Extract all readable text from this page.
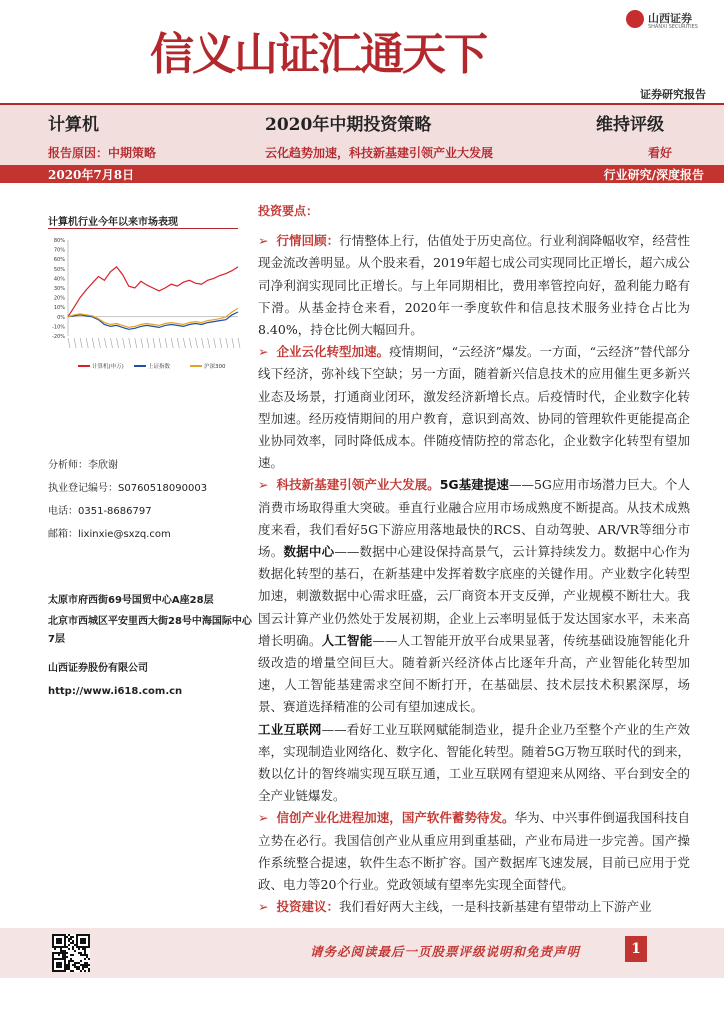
信义山证汇通天下
山西证券
SHANXI SECURITIES
证券研究报告
计算机	2020年中期投资策略	维持评级
报告原因：中期策略	云化趋势加速，科技新基建引领产业大发展	看好
2020年7月8日	行业研究/深度报告
计算机行业今年以来市场表现
80%
70%
60%
50%
40%
30%
20%
10%
0%
-10%
-20%
计算机(申万)	上证指数	沪深300
分析师：李欣谢
执业登记编号：S0760518090003
电话：0351-8686797
邮箱：lixinxie@sxzq.com
太原市府西街69号国贸中心A座28层
北京市西城区平安里西大街28号中海国际中心7层
山西证券股份有限公司
http://www.i618.com.cn
投资要点：

➢ 行情回顾：行情整体上行，估值处于历史高位。行业利润降幅收窄，经营性现金流改善明显。从个股来看，2019年超七成公司实现同比正增长，超六成公司净利润实现同比正增长。与上年同期相比，费用率管控向好，盈利能力略有下滑。从基金持仓来看，2020年一季度软件和信息技术服务业持仓占比为8.40%，持仓比例大幅回升。

➢ 企业云化转型加速。疫情期间，“云经济”爆发。一方面，“云经济”替代部分线下经济，弥补线下空缺；另一方面，随着新兴信息技术的应用催生更多新兴业态及场景，打通商业闭环，激发经济新增长点。后疫情时代，企业数字化转型加速。经历疫情期间的用户教育，意识到高效、协同的管理软件更能提高企业协同效率，同时降低成本。伴随疫情防控的常态化，企业数字化转型有望加速。

➢ 科技新基建引领产业大发展。5G基建提速——5G应用市场潜力巨大。个人消费市场取得重大突破。垂直行业融合应用市场成熟度不断提高。从技术成熟度来看，我们看好5G下游应用落地最快的RCS、自动驾驶、AR/VR等细分市场。数据中心——数据中心建设保持高景气，云计算持续发力。数据中心作为数据化转型的基石，在新基建中发挥着数字底座的关键作用。产业数字化转型加速，刺激数据中心需求旺盛，云厂商资本开支反弹，产业规模不断壮大。我国云计算产业仍然处于发展初期，企业上云率明显低于发达国家水平，未来高增长明确。人工智能——人工智能开放平台成果显著，传统基础设施智能化升级改造的增量空间巨大。随着新兴经济体占比逐年升高，产业智能化转型加速，人工智能基建需求空间不断打开，在基础层、技术层技术积累深厚，场景、赛道选择精准的公司有望加速成长。
工业互联网——看好工业互联网赋能制造业，提升企业乃至整个产业的生产效率，实现制造业网络化、数字化、智能化转型。随着5G万物互联时代的到来，数以亿计的智终端实现互联互通，工业互联网有望迎来从网络、平台到安全的全产业链爆发。

➢ 信创产业化进程加速，国产软件蓄势待发。华为、中兴事件倒逼我国科技自立势在必行。我国信创产业从重应用到重基础，产业布局进一步完善。国产操作系统整合提速，软件生态不断扩容。国产数据库飞速发展，目前已应用于党政、电力等20个行业。党政领域有望率先实现全面替代。

➢ 投资建议：我们看好两大主线，一是科技新基建有望带动上下游产业

请务必阅读最后一页股票评级说明和免责声明	1
